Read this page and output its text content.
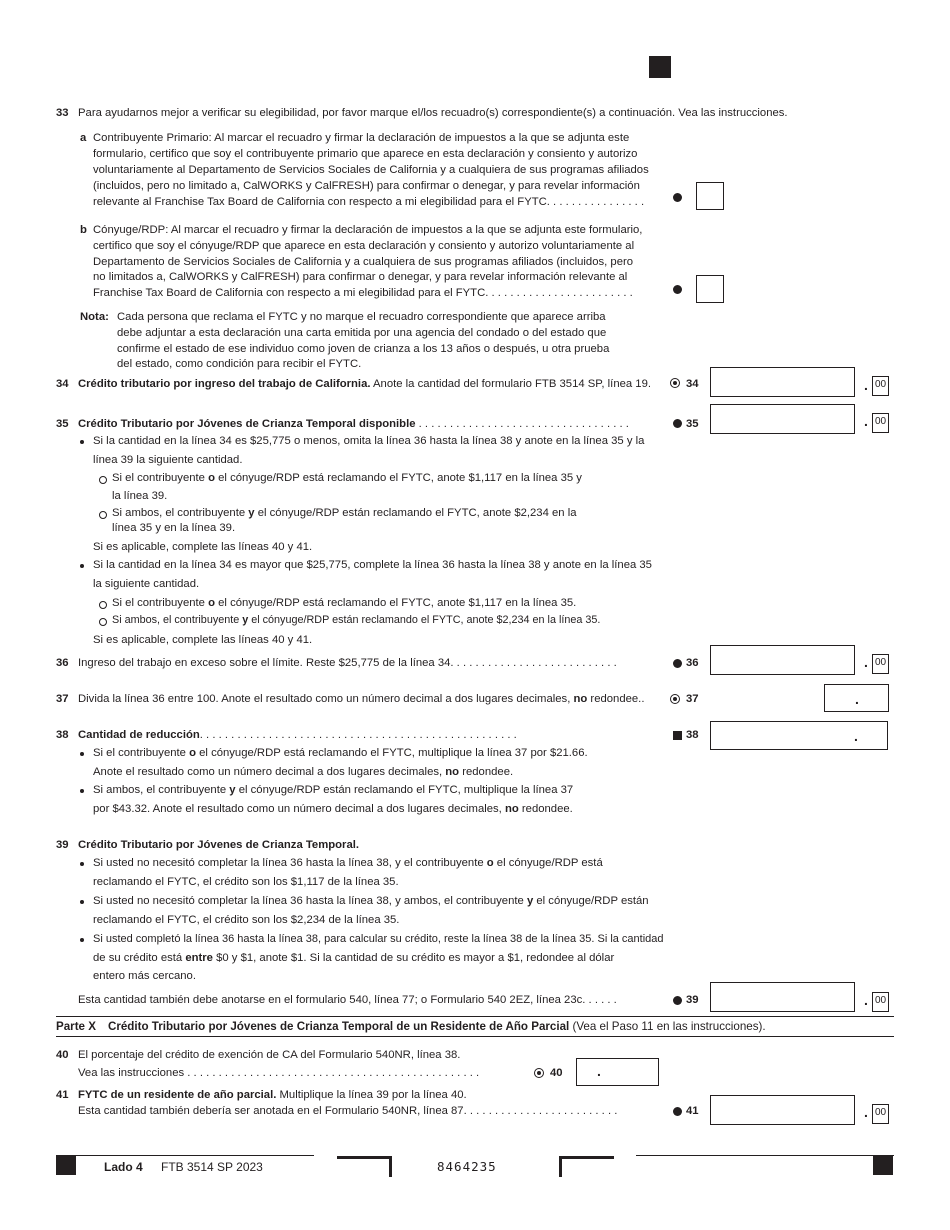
33 Para ayudarnos mejor a verificar su elegibilidad, por favor marque el/los recuadro(s) correspondiente(s) a continuación. Vea las instrucciones.
a Contribuyente Primario: Al marcar el recuadro y firmar la declaración de impuestos a la que se adjunta este
formulario, certifico que soy el contribuyente primario que aparece en esta declaración y consiento y autorizo
voluntariamente al Departamento de Servicios Sociales de California y a cualquiera de sus programas afiliados
(incluidos, pero no limitado a, CalWORKS y CalFRESH) para confirmar o denegar, y para revelar información
relevante al Franchise Tax Board de California con respecto a mi elegibilidad para el FYTC. . . . . . . . . . . . . . . .
b Cónyuge/RDP: Al marcar el recuadro y firmar la declaración de impuestos a la que se adjunta este formulario,
certifico que soy el cónyuge/RDP que aparece en esta declaración y consiento y autorizo voluntariamente al
Departamento de Servicios Sociales de California y a cualquiera de sus programas afiliados (incluidos, pero
no limitados a, CalWORKS y CalFRESH) para confirmar o denegar, y para revelar información relevante al
Franchise Tax Board de California con respecto a mi elegibilidad para el FYTC. . . . . . . . . . . . . . . . . . . . . . . .
Nota: Cada persona que reclama el FYTC y no marque el recuadro correspondiente que aparece arriba
debe adjuntar a esta declaración una carta emitida por una agencia del condado o del estado que
confirme el estado de ese individuo como joven de crianza a los 13 años o después, u otra prueba
del estado, como condición para recibir el FYTC.
34 Crédito tributario por ingreso del trabajo de California. Anote la cantidad del formulario FTB 3514 SP, línea 19.	34	. 00
35 Crédito Tributario por Jóvenes de Crianza Temporal disponible . . . . . . . . . . . . . . . . . . . . . . . . . . . . . . . . . .	35	. 00
Si la cantidad en la línea 34 es $25,775 o menos, omita la línea 36 hasta la línea 38 y anote en la línea 35 y la
línea 39 la siguiente cantidad.
Si el contribuyente o el cónyuge/RDP está reclamando el FYTC, anote $1,117 en la línea 35 y
la línea 39.
Si ambos, el contribuyente y el cónyuge/RDP están reclamando el FYTC, anote $2,234 en la
línea 35 y en la línea 39.
Si es aplicable, complete las líneas 40 y 41.
Si la cantidad en la línea 34 es mayor que $25,775, complete la línea 36 hasta la línea 38 y anote en la línea 35
la siguiente cantidad.
Si el contribuyente o el cónyuge/RDP está reclamando el FYTC, anote $1,117 en la línea 35.
Si ambos, el contribuyente y el cónyuge/RDP están reclamando el FYTC, anote $2,234 en la línea 35.
Si es aplicable, complete las líneas 40 y 41.
36 Ingreso del trabajo en exceso sobre el límite. Reste $25,775 de la línea 34. . . . . . . . . . . . . . . . . . . . . . . . . . .	36	. 00
37 Divida la línea 36 entre 100. Anote el resultado como un número decimal a dos lugares decimales, no redondee..	37	.
38 Cantidad de reducción. . . . . . . . . . . . . . . . . . . . . . . . . . . . . . . . . . . . . . . . . . . . . . . . . . .	38	.
Si el contribuyente o el cónyuge/RDP está reclamando el FYTC, multiplique la línea 37 por $21.66.
Anote el resultado como un número decimal a dos lugares decimales, no redondee.
Si ambos, el contribuyente y el cónyuge/RDP están reclamando el FYTC, multiplique la línea 37
por $43.32. Anote el resultado como un número decimal a dos lugares decimales, no redondee.
39 Crédito Tributario por Jóvenes de Crianza Temporal.
Si usted no necesitó completar la línea 36 hasta la línea 38, y el contribuyente o el cónyuge/RDP está
reclamando el FYTC, el crédito son los $1,117 de la línea 35.
Si usted no necesitó completar la línea 36 hasta la línea 38, y ambos, el contribuyente y el cónyuge/RDP están
reclamando el FYTC, el crédito son los $2,234 de la línea 35.
Si usted completó la línea 36 hasta la línea 38, para calcular su crédito, reste la línea 38 de la línea 35. Si la cantidad
de su crédito está entre $0 y $1, anote $1. Si la cantidad de su crédito es mayor a $1, redondee al dólar
entero más cercano.
Esta cantidad también debe anotarse en el formulario 540, línea 77; o Formulario 540 2EZ, línea 23c. . . . . .	39	. 00
Parte X Crédito Tributario por Jóvenes de Crianza Temporal de un Residente de Año Parcial (Vea el Paso 11 en las instrucciones).
40 El porcentaje del crédito de exención de CA del Formulario 540NR, línea 38.
Vea las instrucciones . . . . . . . . . . . . . . . . . . . . . . . . . . . . . . . . . . . . . . . . . . . . . . .	40 .
41 FYTC de un residente de año parcial. Multiplique la línea 39 por la línea 40.
Esta cantidad también debería ser anotada en el Formulario 540NR, línea 87. . . . . . . . . . . . . . . . . . . . . . . . .	41	. 00
Lado 4 FTB 3514 SP 2023	8464235
